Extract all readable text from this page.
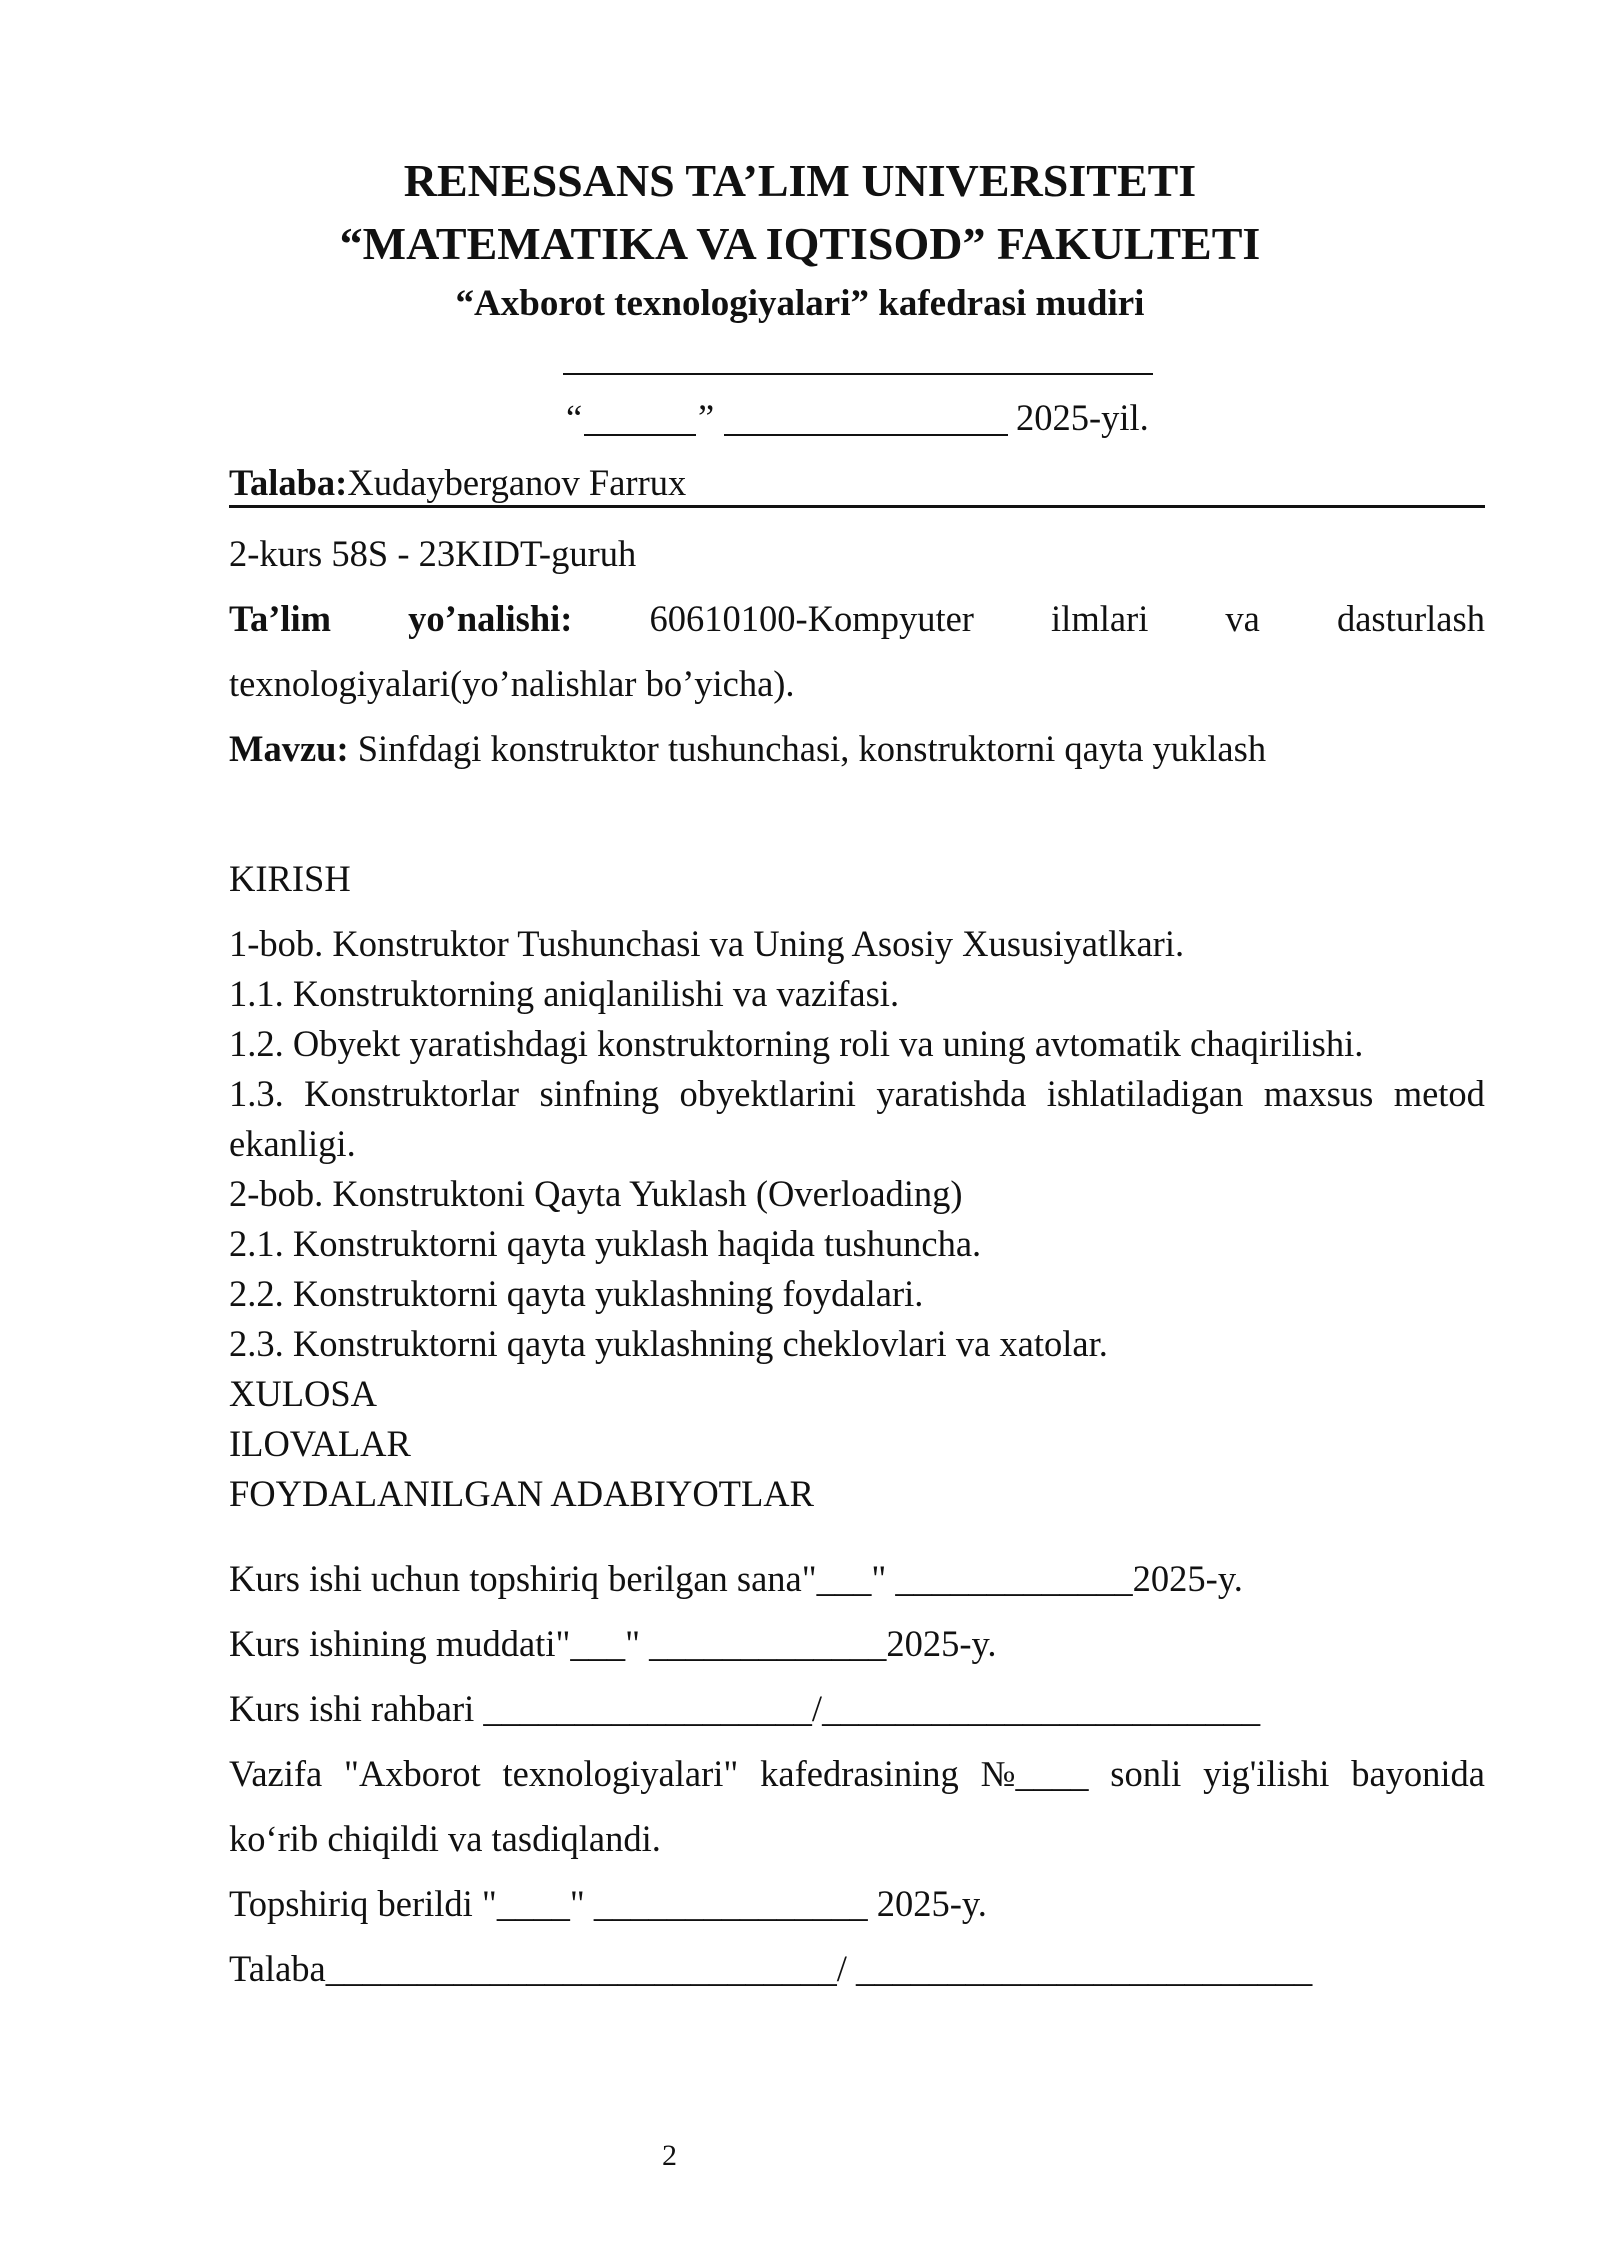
RENESSANS TA’LIM UNIVERSITETI
“MATEMATIKA VA IQTISOD” FAKULTETI
“Axborot texnologiyalari” kafedrasi mudiri
“	”	2025-yil.
Talaba:Xudayberganov Farrux
2-kurs 58S - 23KIDT-guruh
Ta’lim yo’nalishi: 60610100-Kompyuter ilmlari va dasturlash
texnologiyalari(yo’nalishlar bo’yicha).
Mavzu: Sinfdagi konstruktor tushunchasi, konstruktorni qayta yuklash
KIRISH
1-bob. Konstruktor Tushunchasi va Uning Asosiy Xususiyatlkari.
1.1. Konstruktorning aniqlanilishi va vazifasi.
1.2. Obyekt yaratishdagi konstruktorning roli va uning avtomatik chaqirilishi.
1.3. Konstruktorlar sinfning obyektlarini yaratishda ishlatiladigan maxsus metod
ekanligi.
2-bob. Konstruktoni Qayta Yuklash (Overloading)
2.1. Konstruktorni qayta yuklash haqida tushuncha.
2.2. Konstruktorni qayta yuklashning foydalari.
2.3. Konstruktorni qayta yuklashning cheklovlari va xatolar.
XULOSA
ILOVALAR
FOYDALANILGAN ADABIYOTLAR
Kurs ishi uchun topshiriq berilgan sana"___" _____________2025-y.
Kurs ishining muddati"___" _____________2025-y.
Kurs ishi rahbari __________________/________________________
Vazifa "Axborot texnologiyalari" kafedrasining №____ sonli yig'ilishi bayonida
ko‘rib chiqildi va tasdiqlandi.
Topshiriq berildi "____" _______________ 2025-y.
Talaba____________________________/ _________________________
2
